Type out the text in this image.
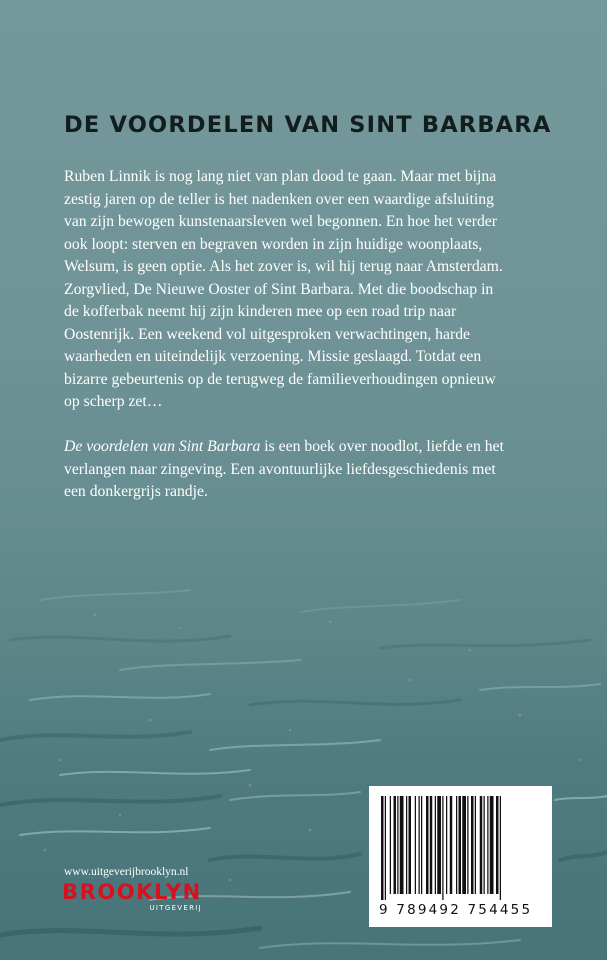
DE VOORDELEN VAN SINT BARBARA

Ruben Linnik is nog lang niet van plan dood te gaan. Maar met bijna
zestig jaren op de teller is het nadenken over een waardige afsluiting
van zijn bewogen kunstenaarsleven wel begonnen. En hoe het verder
ook loopt: sterven en begraven worden in zijn huidige woonplaats,
Welsum, is geen optie. Als het zover is, wil hij terug naar Amsterdam.
Zorgvlied, De Nieuwe Ooster of Sint Barbara. Met die boodschap in
de kofferbak neemt hij zijn kinderen mee op een road trip naar
Oostenrijk. Een weekend vol uitgesproken verwachtingen, harde
waarheden en uiteindelijk verzoening. Missie geslaagd. Totdat een
bizarre gebeurtenis op de terugweg de familieverhoudingen opnieuw
op scherp zet…

De voordelen van Sint Barbara is een boek over noodlot, liefde en het
verlangen naar zingeving. Een avontuurlijke liefdesgeschiedenis met
een donkergrijs randje.

www.uitgeverijbrooklyn.nl
BROOKLYN
UITGEVERIJ	9 789492 754455
